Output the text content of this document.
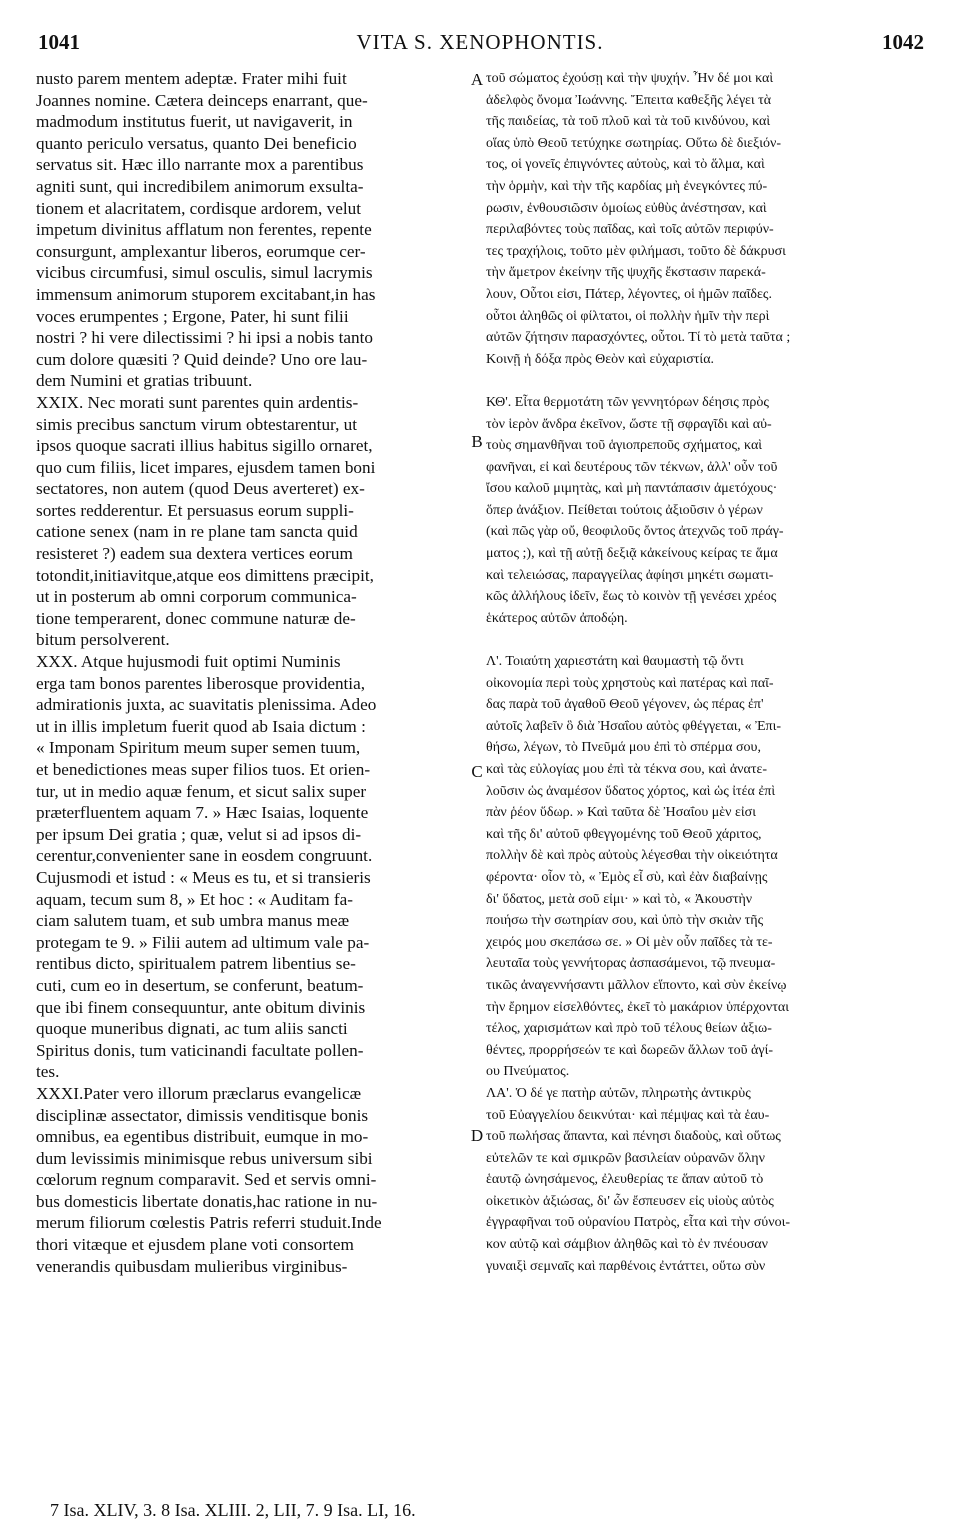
VITA S. XENOPHONTIS.
1041	1042
nusto parem mentem adeptæ. Frater mihi fuit
Joannes nomine. Cætera deinceps enarrant, que-
madmodum institutus fuerit, ut navigaverit, in
quanto periculo versatus, quanto Dei beneficio
servatus sit. Hæc illo narrante mox a parentibus
agniti sunt, qui incredibilem animorum exsulta-
tionem et alacritatem, cordisque ardorem, velut
impetum divinitus afflatum non ferentes, repente
consurgunt, amplexantur liberos, eorumque cer-
vicibus circumfusi, simul osculis, simul lacrymis
immensum animorum stuporem excitabant,in has
voces erumpentes ; Ergone, Pater, hi sunt filii
nostri ? hi vere dilectissimi ? hi ipsi a nobis tanto
cum dolore quæsiti ? Quid deinde? Uno ore lau-
dem Numini et gratias tribuunt.
XXIX. Nec morati sunt parentes quin ardentis-
simis precibus sanctum virum obtestarentur, ut
ipsos quoque sacrati illius habitus sigillo ornaret,
quo cum filiis, licet impares, ejusdem tamen boni
sectatores, non autem (quod Deus averteret) ex-
sortes redderentur. Et persuasus eorum suppli-
catione senex (nam in re plane tam sancta quid
resisteret ?) eadem sua dextera vertices eorum
totondit,initiavitque,atque eos dimittens præcipit,
ut in posterum ab omni corporum communica-
tione temperarent, donec commune naturæ de-
bitum persolverent.
XXX. Atque hujusmodi fuit optimi Numinis
erga tam bonos parentes liberosque providentia,
admirationis juxta, ac suavitatis plenissima. Adeo
ut in illis impletum fuerit quod ab Isaia dictum :
« Imponam Spiritum meum super semen tuum,
et benedictiones meas super filios tuos. Et orien-
tur, ut in medio aquæ fenum, et sicut salix super
præterfluentem aquam 7. » Hæc Isaias, loquente
per ipsum Dei gratia ; quæ, velut si ad ipsos di-
cerentur,convenienter sane in eosdem congruunt.
Cujusmodi et istud : « Meus es tu, et si transieris
aquam, tecum sum 8, » Et hoc : « Auditam fa-
ciam salutem tuam, et sub umbra manus meæ
protegam te 9. » Filii autem ad ultimum vale pa-
rentibus dicto, spiritualem patrem libentius se-
cuti, cum eo in desertum, se conferunt, beatum-
que ibi finem consequuntur, ante obitum divinis
quoque muneribus dignati, ac tum aliis sancti
Spiritus donis, tum vaticinandi facultate pollen-
tes.
XXXI.Pater vero illorum præclarus evangelicæ
disciplinæ assectator, dimissis venditisque bonis
omnibus, ea egentibus distribuit, eumque in mo-
dum levissimis minimisque rebus universum sibi
cœlorum regnum comparavit. Sed et servis omni-
bus domesticis libertate donatis,hac ratione in nu-
merum filiorum cœlestis Patris referri studuit.Inde
thori vitæque et ejusdem plane voti consortem
venerandis quibusdam mulieribus virginibus-
τοῦ σώματος ἐχούσῃ καὶ τὴν ψυχήν. Ἦν δέ μοι καὶ
ἀδελφὸς ὄνομα Ἰωάννης. Ἔπειτα καθεξῆς λέγει τὰ
τῆς παιδείας, τὰ τοῦ πλοῦ καὶ τὰ τοῦ κινδύνου, καὶ
οἵας ὑπὸ Θεοῦ τετύχηκε σωτηρίας. Οὕτω δὲ διεξιόν-
τος, οἱ γονεῖς ἐπιγνόντες αὐτοὺς, καὶ τὸ ἅλμα, καὶ
τὴν ὁρμὴν, καὶ τὴν τῆς καρδίας μὴ ἐνεγκόντες πύ-
ρωσιν, ἐνθουσιῶσιν ὁμοίως εὐθὺς ἀνέστησαν, καὶ
περιλαβόντες τοὺς παῖδας, καὶ τοῖς αὐτῶν περιφύν-
τες τραχήλοις, τοῦτο μὲν φιλήμασι, τοῦτο δὲ δάκρυσι
τὴν ἄμετρον ἐκείνην τῆς ψυχῆς ἔκστασιν παρεκά-
λουν, Οὗτοι εἰσι, Πάτερ, λέγοντες, οἱ ἡμῶν παῖδες.
οὗτοι ἀληθῶς οἱ φίλτατοι, οἱ πολλὴν ἡμῖν τὴν περὶ
αὐτῶν ζήτησιν παρασχόντες, οὗτοι. Τί τὸ μετὰ ταῦτα ;
Κοινῇ ἡ δόξα πρὸς Θεὸν καὶ εὐχαριστία.
ΚΘ'. Εἶτα θερμοτάτη τῶν γεννητόρων δέησις πρὸς
τὸν ἱερὸν ἄνδρα ἐκεῖνον, ὥστε τῇ σφραγῖδι καὶ αὐ-
τοὺς σημανθῆναι τοῦ ἁγιοπρεποῦς σχήματος, καὶ
φανῆναι, εἰ καὶ δευτέρους τῶν τέκνων, ἀλλ' οὖν τοῦ
ἴσου καλοῦ μιμητὰς, καὶ μὴ παντάπασιν ἀμετόχους·
ὅπερ ἀνάξιον. Πείθεται τούτοις ἀξιοῦσιν ὁ γέρων
(καὶ πῶς γὰρ οὔ, θεοφιλοῦς ὄντος ἀτεχνῶς τοῦ πράγ-
ματος ;), καὶ τῇ αὐτῇ δεξιᾷ κἀκείνους κείρας τε ἅμα
καὶ τελειώσας, παραγγείλας ἀφίησι μηκέτι σωματι-
κῶς ἀλλήλους ἰδεῖν, ἕως τὸ κοινὸν τῇ γενέσει χρέος
ἑκάτερος αὐτῶν ἀποδῴη.
Λ'. Τοιαύτη χαριεστάτη καὶ θαυμαστὴ τῷ ὄντι
οἰκονομία περὶ τοὺς χρηστοὺς καὶ πατέρας καὶ παῖ-
δας παρὰ τοῦ ἀγαθοῦ Θεοῦ γέγονεν, ὡς πέρας ἐπ'
αὐτοῖς λαβεῖν ὃ διὰ Ἠσαΐου αὐτὸς φθέγγεται, « Ἐπι-
θήσω, λέγων, τὸ Πνεῦμά μου ἐπὶ τὸ σπέρμα σου,
καὶ τὰς εὐλογίας μου ἐπὶ τὰ τέκνα σου, καὶ ἀνατε-
λοῦσιν ὡς ἀναμέσον ὕδατος χόρτος, καὶ ὡς ἰτέα ἐπὶ
πὰν ῥέον ὕδωρ. » Καὶ ταῦτα δὲ Ἠσαΐου μὲν εἰσι
καὶ τῆς δι' αὐτοῦ φθεγγομένης τοῦ Θεοῦ χάριτος,
πολλὴν δὲ καὶ πρὸς αὐτοὺς λέγεσθαι τὴν οἰκειότητα
φέροντα· οἷον τὸ, « Ἐμὸς εἶ σὺ, καὶ ἐὰν διαβαίνῃς
δι' ὕδατος, μετὰ σοῦ εἰμι· » καὶ τὸ, « Ἀκουστὴν
ποιήσω τὴν σωτηρίαν σου, καὶ ὑπὸ τὴν σκιὰν τῆς
χειρός μου σκεπάσω σε. » Οἱ μὲν οὖν παῖδες τὰ τε-
λευταῖα τοὺς γεννήτορας ἀσπασάμενοι, τῷ πνευμα-
τικῶς ἀναγεννήσαντι μᾶλλον εἵποντο, καὶ σὺν ἐκείνῳ
τὴν ἔρημον εἰσελθόντες, ἐκεῖ τὸ μακάριον ὑπέρχονται
τέλος, χαρισμάτων καὶ πρὸ τοῦ τέλους θείων ἀξιω-
θέντες, προρρήσεών τε καὶ δωρεῶν ἄλλων τοῦ ἁγί-
ου Πνεύματος.
ΛΑ'. Ὁ δέ γε πατὴρ αὐτῶν, πληρωτὴς ἀντικρὺς
τοῦ Εὐαγγελίου δεικνύται· καὶ πέμψας καὶ τὰ ἑαυ-
τοῦ πωλήσας ἅπαντα, καὶ πένησι διαδοὺς, καὶ οὕτως
εὐτελῶν τε καὶ σμικρῶν βασιλείαν οὐρανῶν ὅλην
ἑαυτῷ ὠνησάμενος, ἐλευθερίας τε ἅπαν αὐτοῦ τὸ
οἰκετικὸν ἀξιώσας, δι' ὧν ἔσπευσεν εἰς υἱοὺς αὐτὸς
ἐγγραφῆναι τοῦ οὐρανίου Πατρὸς, εἶτα καὶ τὴν σύνοι-
κον αὐτῷ καὶ σάμβιον ἀληθῶς καὶ τὸ ἐν πνέουσαν
γυναιξὶ σεμναῖς καὶ παρθένοις ἐντάττει, οὕτω σὺν
A
B
C
D
7 Isa. XLIV, 3. 8 Isa. XLIII. 2, LII, 7. 9 Isa. LI, 16.
